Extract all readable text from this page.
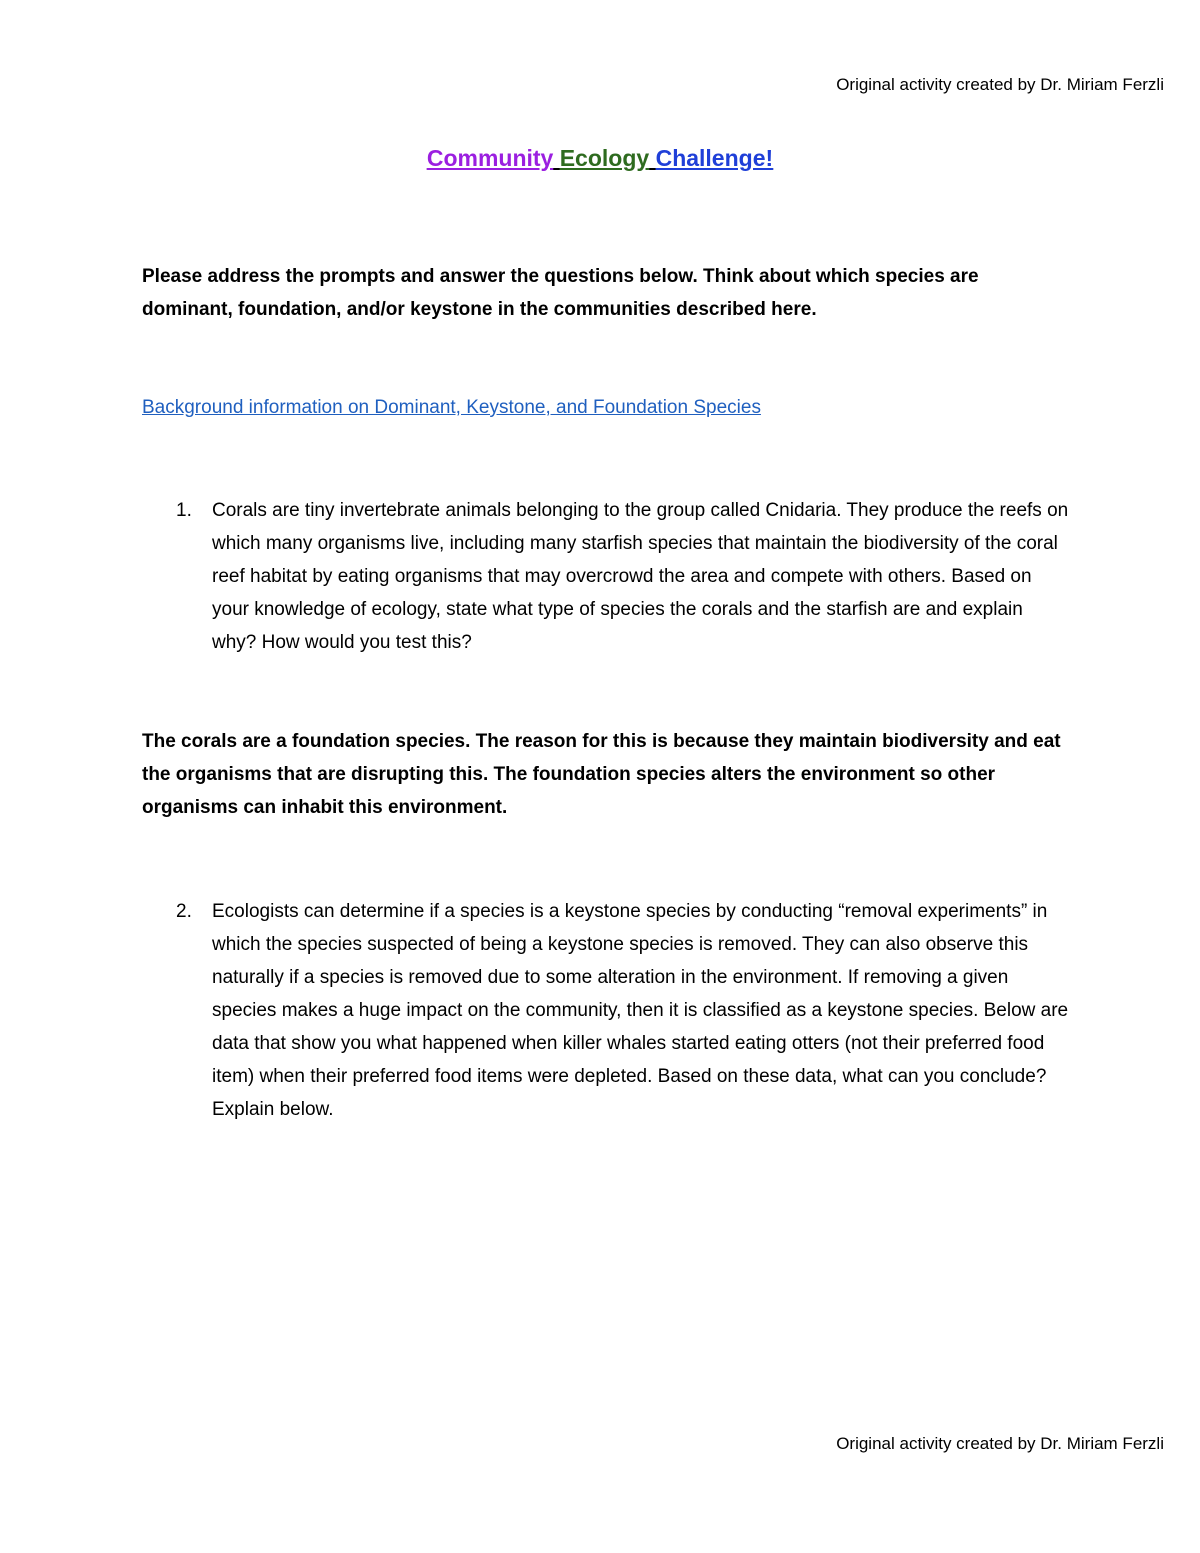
Original activity created by Dr. Miriam Ferzli
Community Ecology Challenge!
Please address the prompts and answer the questions below. Think about which species are dominant, foundation, and/or keystone in the communities described here.
Background information on Dominant, Keystone, and Foundation Species
1. Corals are tiny invertebrate animals belonging to the group called Cnidaria. They produce the reefs on which many organisms live, including many starfish species that maintain the biodiversity of the coral reef habitat by eating organisms that may overcrowd the area and compete with others. Based on your knowledge of ecology, state what type of species the corals and the starfish are and explain why? How would you test this?
The corals are a foundation species. The reason for this is because they maintain biodiversity and eat the organisms that are disrupting this. The foundation species alters the environment so other organisms can inhabit this environment.
2. Ecologists can determine if a species is a keystone species by conducting “removal experiments” in which the species suspected of being a keystone species is removed. They can also observe this naturally if a species is removed due to some alteration in the environment. If removing a given species makes a huge impact on the community, then it is classified as a keystone species. Below are data that show you what happened when killer whales started eating otters (not their preferred food item) when their preferred food items were depleted. Based on these data, what can you conclude? Explain below.
Original activity created by Dr. Miriam Ferzli
